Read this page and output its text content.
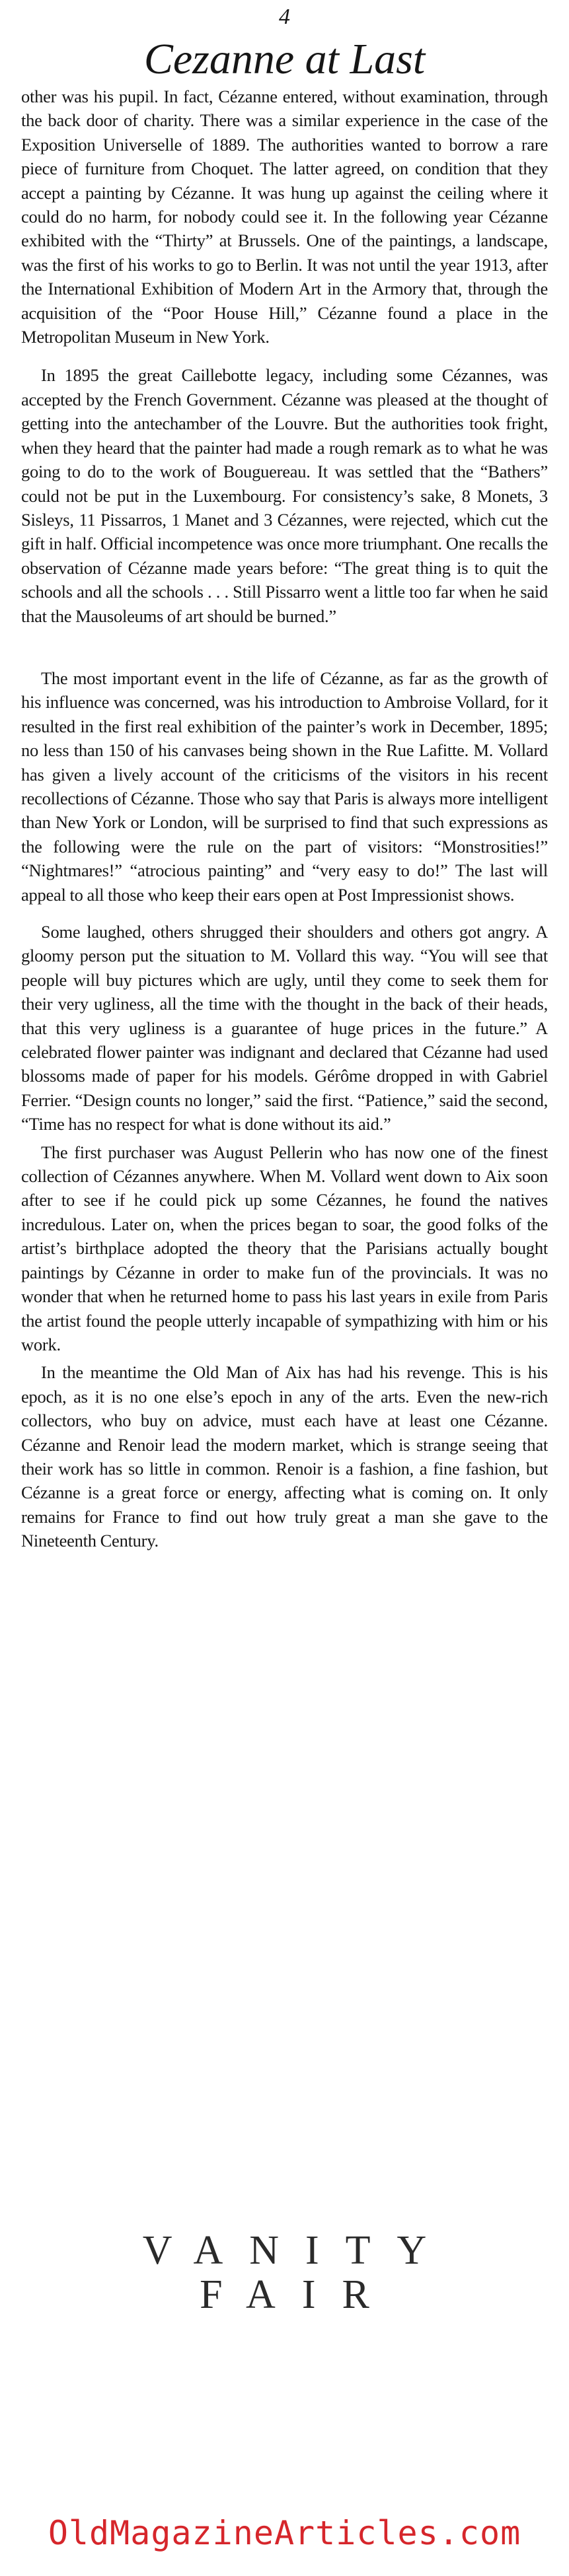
4
Cezanne at Last

other was his pupil. In fact, Cézanne entered, without examination, through the back door of charity. There was a similar experience in the case of the Exposition Universelle of 1889. The authorities wanted to borrow a rare piece of furniture from Choquet. The latter agreed, on condition that they accept a painting by Cézanne. It was hung up against the ceiling where it could do no harm, for nobody could see it. In the following year Cézanne exhibited with the “Thirty” at Brussels. One of the paintings, a landscape, was the first of his works to go to Berlin. It was not until the year 1913, after the International Exhibition of Modern Art in the Armory that, through the acquisition of the “Poor House Hill,” Cézanne found a place in the Metropolitan Museum in New York.

In 1895 the great Caillebotte legacy, including some Cézannes, was accepted by the French Government. Cézanne was pleased at the thought of getting into the antechamber of the Louvre. But the authorities took fright, when they heard that the painter had made a rough remark as to what he was going to do to the work of Bouguereau. It was settled that the “Bathers” could not be put in the Luxembourg. For consistency’s sake, 8 Monets, 3 Sisleys, 11 Pissarros, 1 Manet and 3 Cézannes, were rejected, which cut the gift in half. Official incompetence was once more triumphant. One recalls the observation of Cézanne made years before: “The great thing is to quit the schools and all the schools . . . Still Pissarro went a little too far when he said that the Mausoleums of art should be burned.”

The most important event in the life of Cézanne, as far as the growth of his influence was concerned, was his introduction to Ambroise Vollard, for it resulted in the first real exhibition of the painter’s work in December, 1895; no less than 150 of his canvases being shown in the Rue Lafitte. M. Vollard has given a lively account of the criticisms of the visitors in his recent recollections of Cézanne. Those who say that Paris is always more intelligent than New York or London, will be surprised to find that such expressions as the following were the rule on the part of visitors: “Monstrosities!” “Nightmares!” “atrocious painting” and “very easy to do!” The last will appeal to all those who keep their ears open at Post Impressionist shows.

Some laughed, others shrugged their shoulders and others got angry. A gloomy person put the situation to M. Vollard this way. “You will see that people will buy pictures which are ugly, until they come to seek them for their very ugliness, all the time with the thought in the back of their heads, that this very ugliness is a guarantee of huge prices in the future.” A celebrated flower painter was indignant and declared that Cézanne had used blossoms made of paper for his models. Gérôme dropped in with Gabriel Ferrier. “Design counts no longer,” said the first. “Patience,” said the second, “Time has no respect for what is done without its aid.”

The first purchaser was August Pellerin who has now one of the finest collection of Cézannes anywhere. When M. Vollard went down to Aix soon after to see if he could pick up some Cézannes, he found the natives incredulous. Later on, when the prices began to soar, the good folks of the artist’s birthplace adopted the theory that the Parisians actually bought paintings by Cézanne in order to make fun of the provincials. It was no wonder that when he returned home to pass his last years in exile from Paris the artist found the people utterly incapable of sympathizing with him or his work.

In the meantime the Old Man of Aix has had his revenge. This is his epoch, as it is no one else’s epoch in any of the arts. Even the new-rich collectors, who buy on advice, must each have at least one Cézanne. Cézanne and Renoir lead the modern market, which is strange seeing that their work has so little in common. Renoir is a fashion, a fine fashion, but Cézanne is a great force or energy, affecting what is coming on. It only remains for France to find out how truly great a man she gave to the Nineteenth Century.

VANITY
FAIR
OldMagazineArticles.com
